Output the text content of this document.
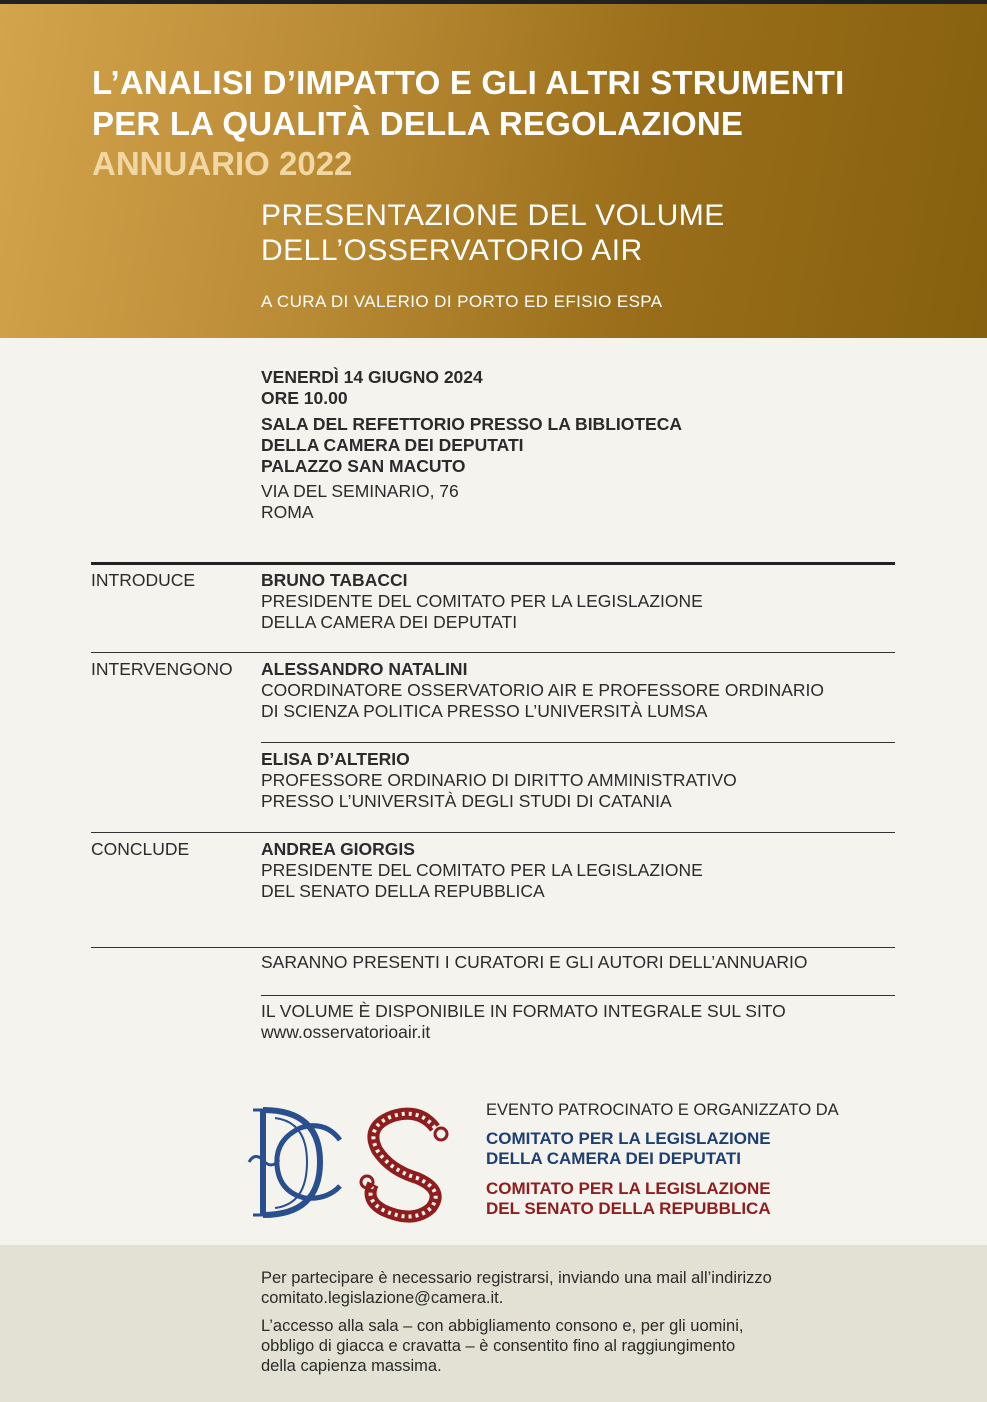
L’ANALISI D’IMPATTO E GLI ALTRI STRUMENTI
PER LA QUALITÀ DELLA REGOLAZIONE
ANNUARIO 2022
PRESENTAZIONE DEL VOLUME
DELL’OSSERVATORIO AIR
A CURA DI VALERIO DI PORTO ED EFISIO ESPA
VENERDÌ 14 GIUGNO 2024
ORE 10.00
SALA DEL REFETTORIO PRESSO LA BIBLIOTECA
DELLA CAMERA DEI DEPUTATI
PALAZZO SAN MACUTO
VIA DEL SEMINARIO, 76
ROMA
INTRODUCE	BRUNO TABACCI
PRESIDENTE DEL COMITATO PER LA LEGISLAZIONE
DELLA CAMERA DEI DEPUTATI
INTERVENGONO ALESSANDRO NATALINI
COORDINATORE OSSERVATORIO AIR E PROFESSORE ORDINARIO
DI SCIENZA POLITICA PRESSO L’UNIVERSITÀ LUMSA
ELISA D’ALTERIO
PROFESSORE ORDINARIO DI DIRITTO AMMINISTRATIVO
PRESSO L’UNIVERSITÀ DEGLI STUDI DI CATANIA
CONCLUDE	ANDREA GIORGIS
PRESIDENTE DEL COMITATO PER LA LEGISLAZIONE
DEL SENATO DELLA REPUBBLICA
SARANNO PRESENTI I CURATORI E GLI AUTORI DELL’ANNUARIO
IL VOLUME È DISPONIBILE IN FORMATO INTEGRALE SUL SITO
www.osservatorioair.it
EVENTO PATROCINATO E ORGANIZZATO DA
COMITATO PER LA LEGISLAZIONE
DELLA CAMERA DEI DEPUTATI
COMITATO PER LA LEGISLAZIONE
DEL SENATO DELLA REPUBBLICA
Per partecipare è necessario registrarsi, inviando una mail all’indirizzo
comitato.legislazione@camera.it.
L’accesso alla sala – con abbigliamento consono e, per gli uomini,
obbligo di giacca e cravatta – è consentito fino al raggiungimento
della capienza massima.
